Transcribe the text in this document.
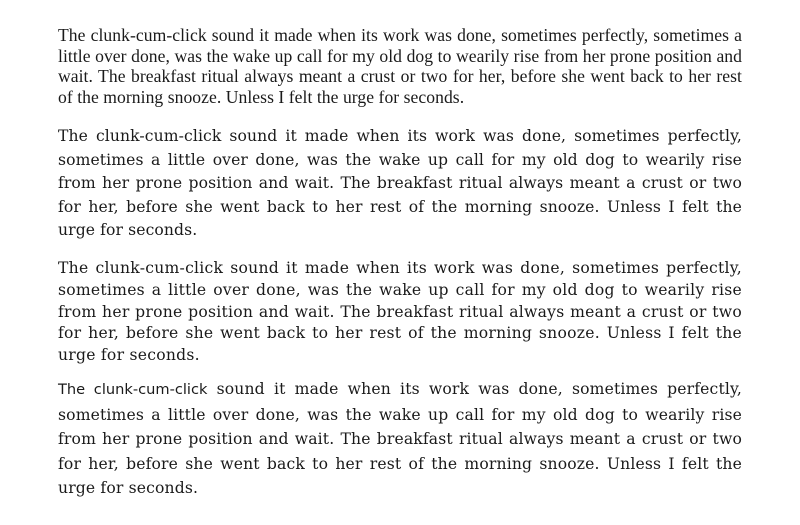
The clunk-cum-click sound it made when its work was done, sometimes perfectly, sometimes a little over done, was the wake up call for my old dog to wearily rise from her prone position and wait. The breakfast ritual always meant a crust or two for her, before she went back to her rest of the morning snooze. Unless I felt the urge for seconds.

The clunk-cum-click sound it made when its work was done, sometimes perfectly, sometimes a little over done, was the wake up call for my old dog to wearily rise from her prone position and wait. The breakfast ritual always meant a crust or two for her, before she went back to her rest of the morning snooze. Unless I felt the urge for seconds.

The clunk-cum-click sound it made when its work was done, sometimes perfectly, sometimes a little over done, was the wake up call for my old dog to wearily rise from her prone position and wait. The breakfast ritual always meant a crust or two for her, before she went back to her rest of the morning snooze. Unless I felt the urge for seconds.

The clunk-cum-click sound it made when its work was done, sometimes perfectly, sometimes a little over done, was the wake up call for my old dog to wearily rise from her prone position and wait. The breakfast ritual always meant a crust or two for her, before she went back to her rest of the morning snooze. Unless I felt the urge for seconds.
